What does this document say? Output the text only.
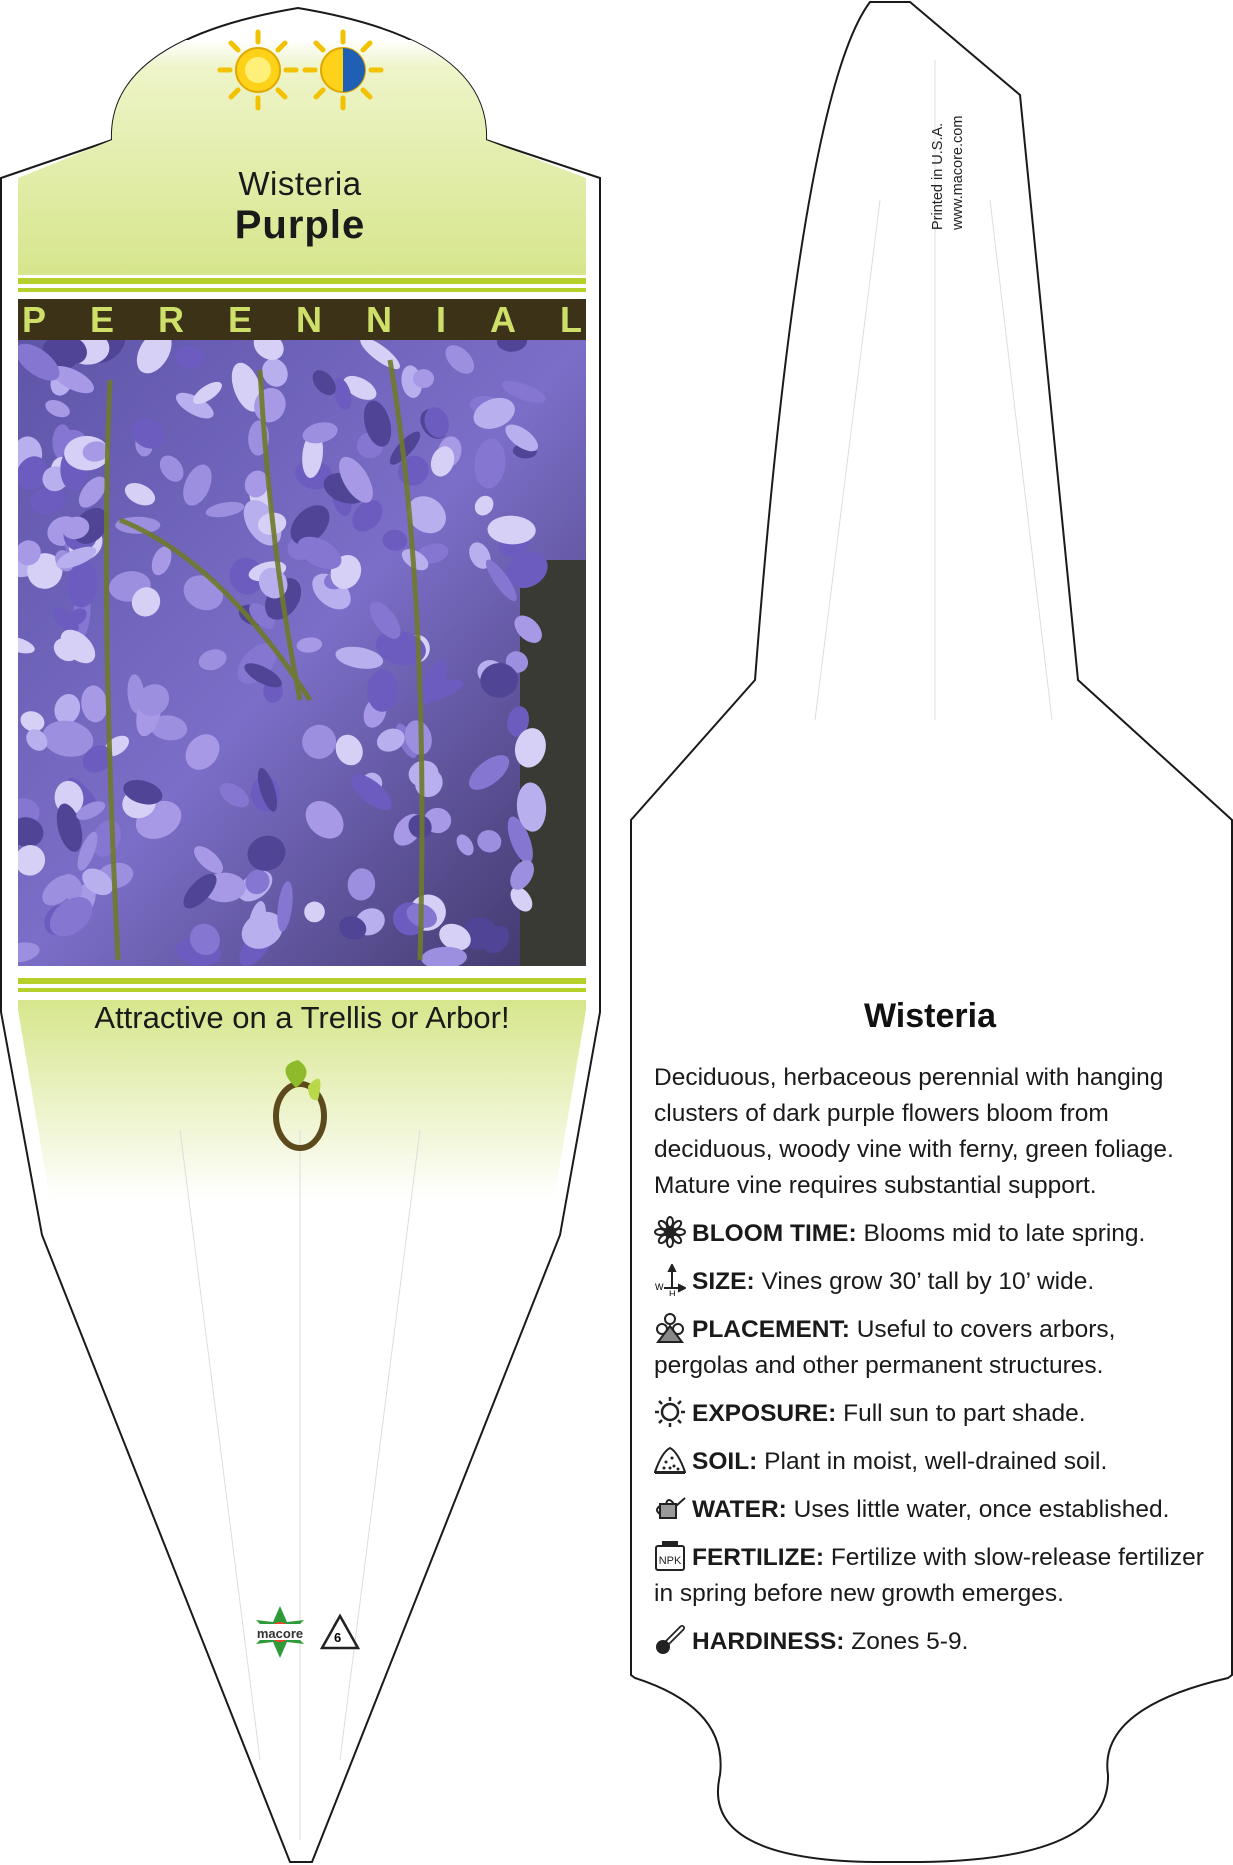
Wisteria
Purple
PERENNIAL
Attractive on a Trellis or Arbor!
macore	6
Printed in U.S.A. www.macore.com
Wisteria

Deciduous, herbaceous perennial with hanging clusters of dark purple flowers bloom from deciduous, woody vine with ferny, green foliage. Mature vine requires substantial support.

BLOOM TIME: Blooms mid to late spring.

W
H SIZE: Vines grow 30’ tall by 10’ wide.

PLACEMENT: Useful to covers arbors, pergolas and other permanent structures.

EXPOSURE: Full sun to part shade.

SOIL: Plant in moist, well-drained soil.

WATER: Uses little water, once established.

NPK FERTILIZE: Fertilize with slow-release fertilizer in spring before new growth emerges.

HARDINESS: Zones 5-9.
